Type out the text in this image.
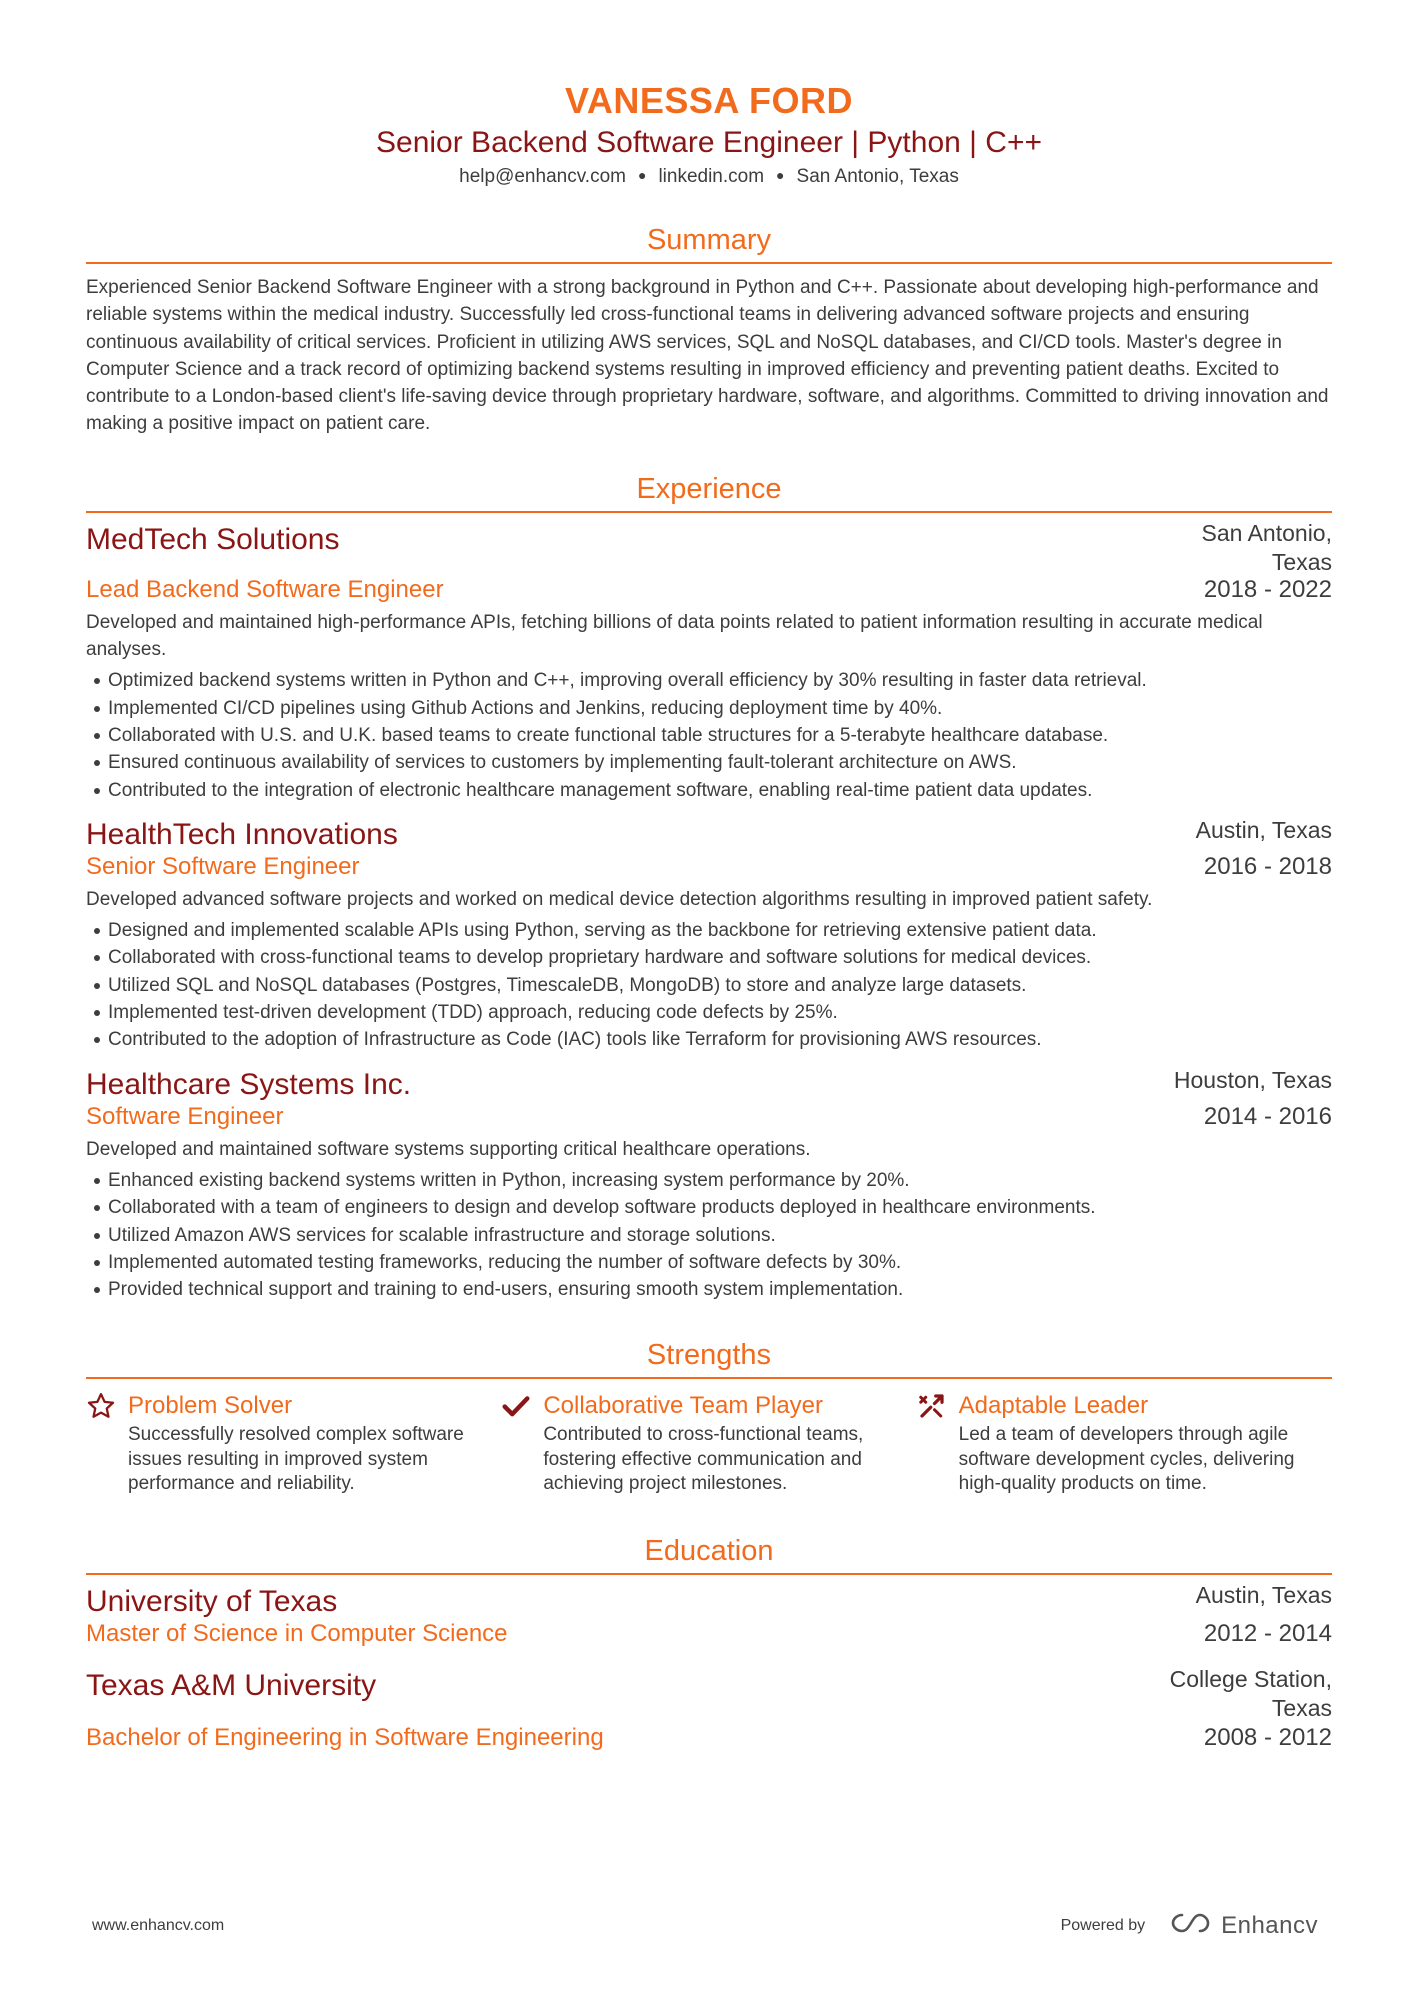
VANESSA FORD
Senior Backend Software Engineer | Python | C++
help@enhancv.com ● linkedin.com ● San Antonio, Texas
Summary
Experienced Senior Backend Software Engineer with a strong background in Python and C++. Passionate about developing high-performance and reliable systems within the medical industry. Successfully led cross-functional teams in delivering advanced software projects and ensuring continuous availability of critical services. Proficient in utilizing AWS services, SQL and NoSQL databases, and CI/CD tools. Master's degree in Computer Science and a track record of optimizing backend systems resulting in improved efficiency and preventing patient deaths. Excited to contribute to a London-based client's life-saving device through proprietary hardware, software, and algorithms. Committed to driving innovation and making a positive impact on patient care.
Experience
MedTech Solutions	San Antonio, Texas
Lead Backend Software Engineer	2018 - 2022
Developed and maintained high-performance APIs, fetching billions of data points related to patient information resulting in accurate medical analyses.
Optimized backend systems written in Python and C++, improving overall efficiency by 30% resulting in faster data retrieval.
Implemented CI/CD pipelines using Github Actions and Jenkins, reducing deployment time by 40%.
Collaborated with U.S. and U.K. based teams to create functional table structures for a 5-terabyte healthcare database.
Ensured continuous availability of services to customers by implementing fault-tolerant architecture on AWS.
Contributed to the integration of electronic healthcare management software, enabling real-time patient data updates.
HealthTech Innovations	Austin, Texas
Senior Software Engineer	2016 - 2018
Developed advanced software projects and worked on medical device detection algorithms resulting in improved patient safety.
Designed and implemented scalable APIs using Python, serving as the backbone for retrieving extensive patient data.
Collaborated with cross-functional teams to develop proprietary hardware and software solutions for medical devices.
Utilized SQL and NoSQL databases (Postgres, TimescaleDB, MongoDB) to store and analyze large datasets.
Implemented test-driven development (TDD) approach, reducing code defects by 25%.
Contributed to the adoption of Infrastructure as Code (IAC) tools like Terraform for provisioning AWS resources.
Healthcare Systems Inc.	Houston, Texas
Software Engineer	2014 - 2016
Developed and maintained software systems supporting critical healthcare operations.
Enhanced existing backend systems written in Python, increasing system performance by 20%.
Collaborated with a team of engineers to design and develop software products deployed in healthcare environments.
Utilized Amazon AWS services for scalable infrastructure and storage solutions.
Implemented automated testing frameworks, reducing the number of software defects by 30%.
Provided technical support and training to end-users, ensuring smooth system implementation.
Strengths
Problem Solver
Successfully resolved complex software issues resulting in improved system performance and reliability.
Collaborative Team Player
Contributed to cross-functional teams, fostering effective communication and achieving project milestones.
Adaptable Leader
Led a team of developers through agile software development cycles, delivering high-quality products on time.
Education
University of Texas	Austin, Texas
Master of Science in Computer Science	2012 - 2014
Texas A&M University	College Station, Texas
Bachelor of Engineering in Software Engineering	2008 - 2012
www.enhancv.com	Powered by	Enhancv
